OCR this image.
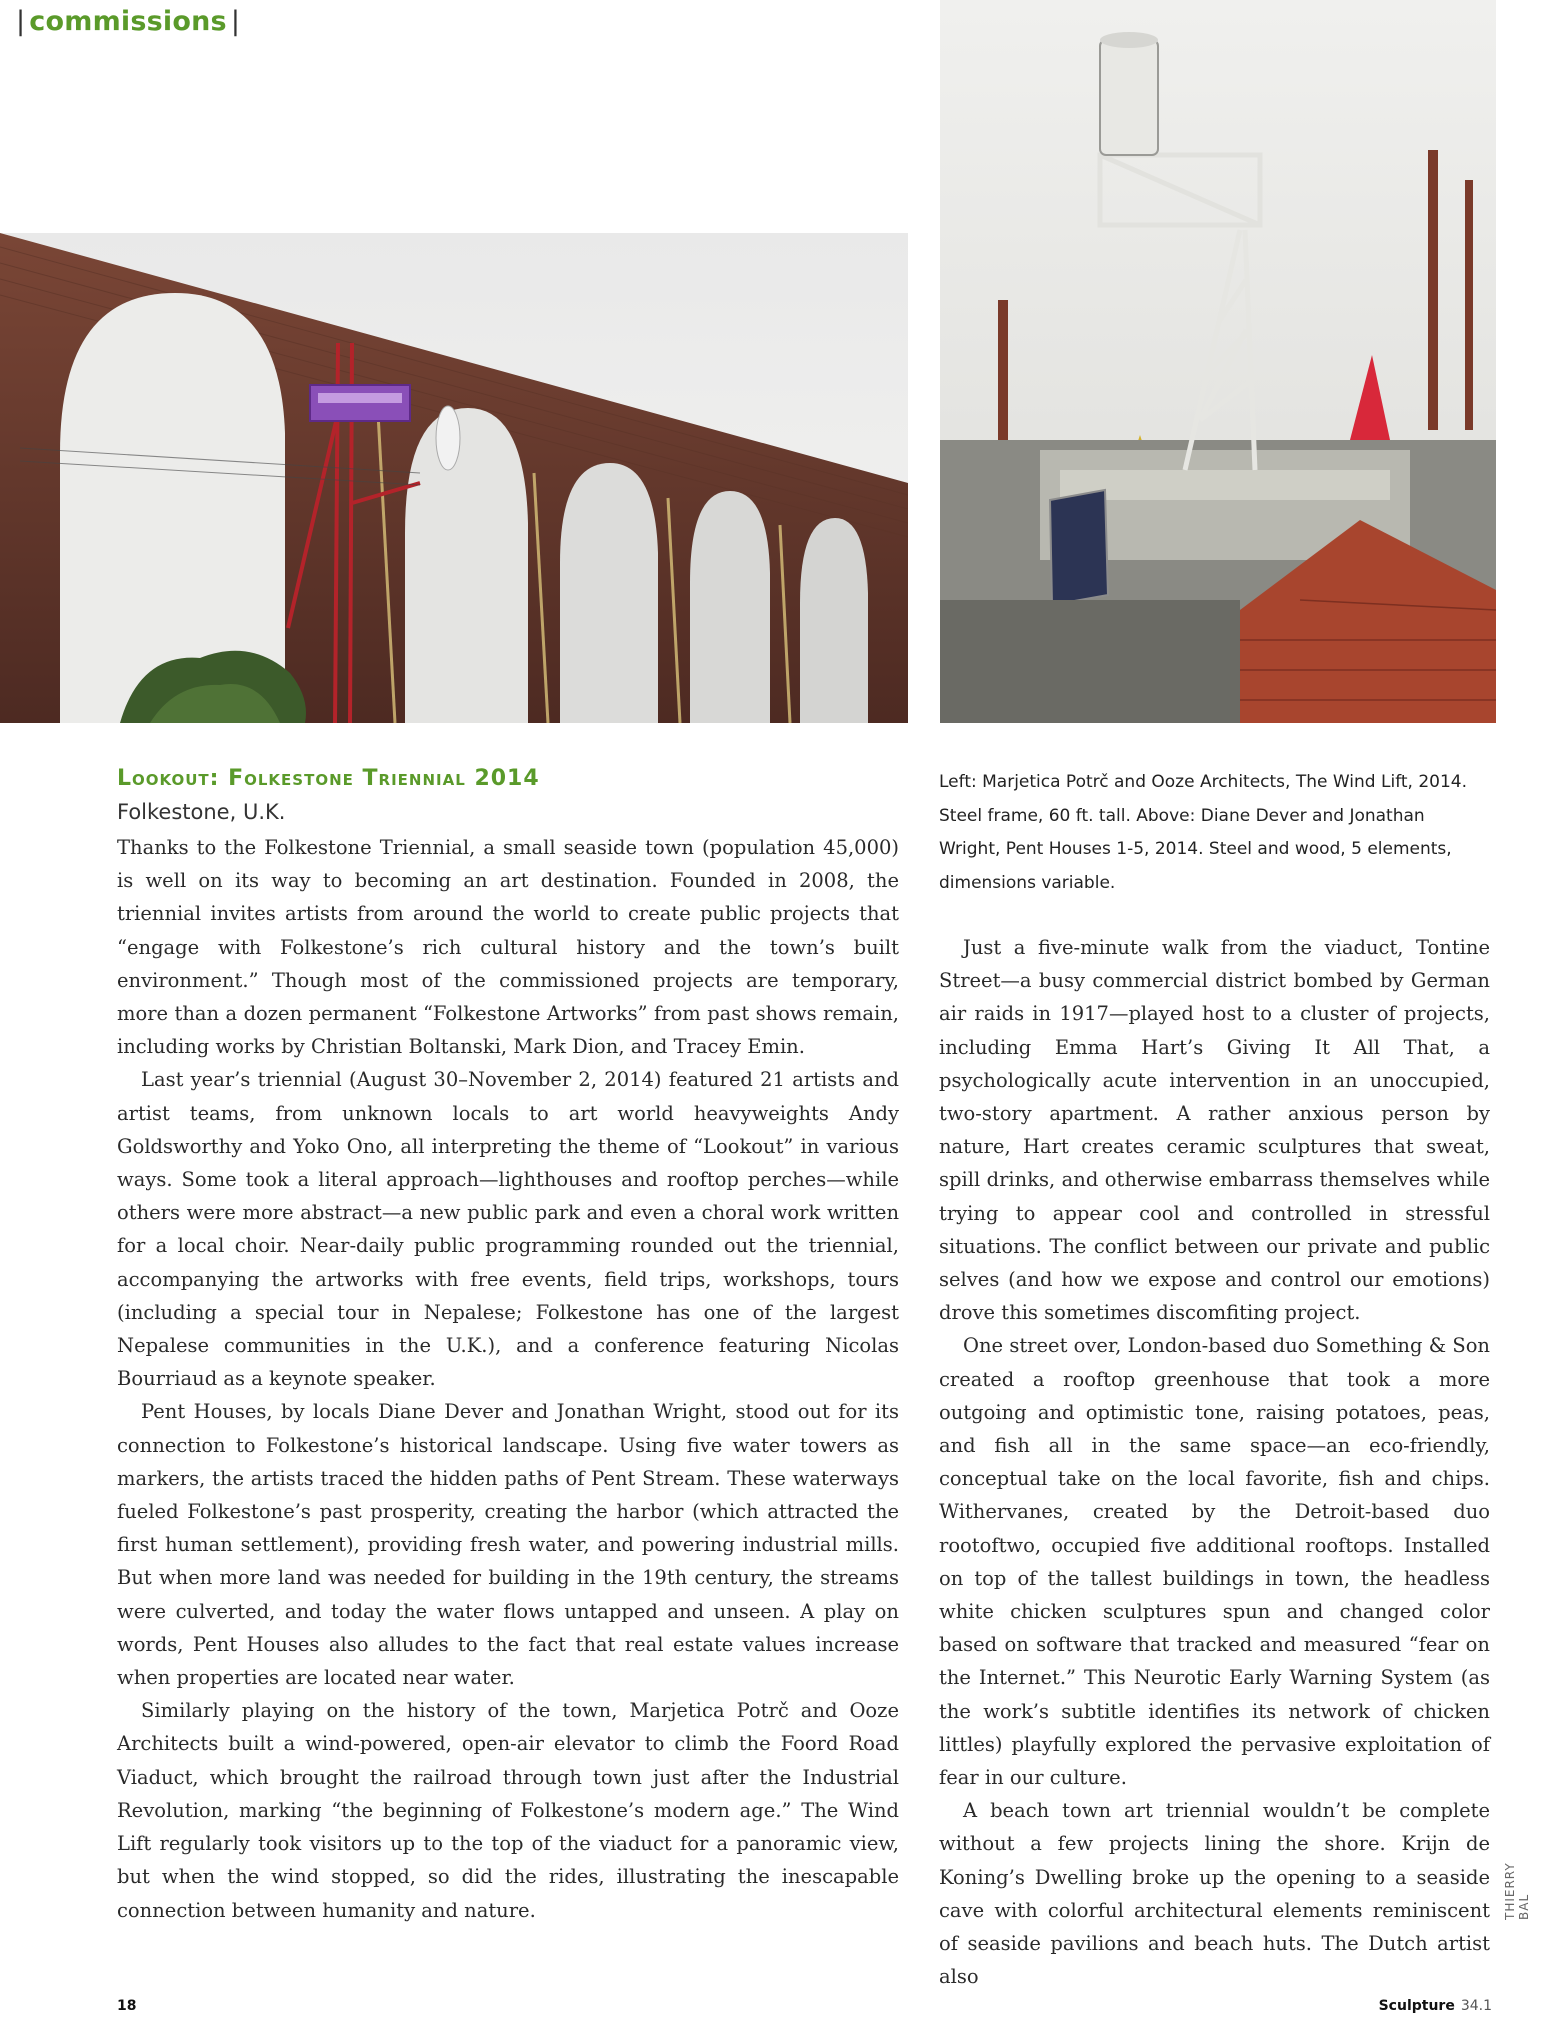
| commissions |
Lookout: Folkestone Triennial 2014
Folkestone, U.K.

Thanks to the Folkestone Triennial, a small seaside town (population 45,000) is well on its way to becoming an art destination. Founded in 2008, the triennial invites artists from around the world to create public projects that “engage with Folkestone’s rich cultural history and the town’s built environment.” Though most of the commissioned projects are temporary, more than a dozen permanent “Folkestone Artworks” from past shows remain, including works by Christian Boltanski, Mark Dion, and Tracey Emin.

Last year’s triennial (August 30–November 2, 2014) featured 21 artists and artist teams, from unknown locals to art world heavyweights Andy Goldsworthy and Yoko Ono, all interpreting the theme of “Lookout” in various ways. Some took a literal approach—lighthouses and rooftop perches—while others were more abstract—a new public park and even a choral work written for a local choir. Near-daily public programming rounded out the triennial, accompanying the artworks with free events, field trips, workshops, tours (including a special tour in Nepalese; Folkestone has one of the largest Nepalese communities in the U.K.), and a conference featuring Nicolas Bourriaud as a keynote speaker.

Pent Houses, by locals Diane Dever and Jonathan Wright, stood out for its connection to Folkestone’s historical landscape. Using five water towers as markers, the artists traced the hidden paths of Pent Stream. These waterways fueled Folkestone’s past prosperity, creating the harbor (which attracted the first human settlement), providing fresh water, and powering industrial mills. But when more land was needed for building in the 19th century, the streams were culverted, and today the water flows untapped and unseen. A play on words, Pent Houses also alludes to the fact that real estate values increase when properties are located near water.

Similarly playing on the history of the town, Marjetica Potrč and Ooze Architects built a wind-powered, open-air elevator to climb the Foord Road Viaduct, which brought the railroad through town just after the Industrial Revolution, marking “the beginning of Folkestone’s modern age.” The Wind Lift regularly took visitors up to the top of the viaduct for a panoramic view, but when the wind stopped, so did the rides, illustrating the inescapable connection between humanity and nature.

Left: Marjetica Potrč and Ooze Architects, The Wind Lift, 2014. Steel frame, 60 ft. tall. Above: Diane Dever and Jonathan Wright, Pent Houses 1-5, 2014. Steel and wood, 5 elements, dimensions variable.

Just a five-minute walk from the viaduct, Tontine Street—a busy commercial district bombed by German air raids in 1917—played host to a cluster of projects, including Emma Hart’s Giving It All That, a psychologically acute intervention in an unoccupied, two-story apartment. A rather anxious person by nature, Hart creates ceramic sculptures that sweat, spill drinks, and otherwise embarrass themselves while trying to appear cool and controlled in stressful situations. The conflict between our private and public selves (and how we expose and control our emotions) drove this sometimes discomfiting project.

One street over, London-based duo Something & Son created a rooftop greenhouse that took a more outgoing and optimistic tone, raising potatoes, peas, and fish all in the same space—an eco-friendly, conceptual take on the local favorite, fish and chips. Withervanes, created by the Detroit-based duo rootoftwo, occupied five additional rooftops. Installed on top of the tallest buildings in town, the headless white chicken sculptures spun and changed color based on software that tracked and measured “fear on the Internet.” This Neurotic Early Warning System (as the work’s subtitle identifies its network of chicken littles) playfully explored the pervasive exploitation of fear in our culture.

A beach town art triennial wouldn’t be complete without a few projects lining the shore. Krijn de Koning’s Dwelling broke up the opening to a seaside cave with colorful architectural elements reminiscent of seaside pavilions and beach huts. The Dutch artist also

THIERRY BAL
18	Sculpture 34.1
